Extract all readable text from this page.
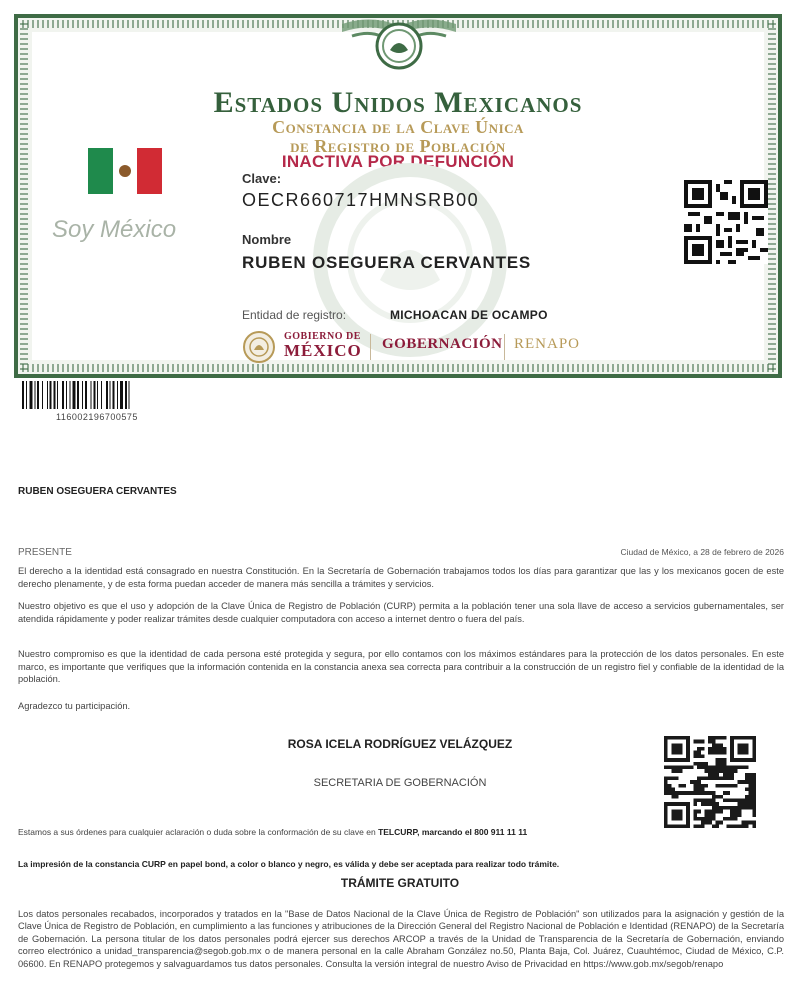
Estados Unidos Mexicanos
Constancia de la Clave Única
de Registro de Población
INACTIVA POR DEFUNCIÓN
Soy México
Clave:
OECR660717HMNSRB00
Nombre
RUBEN OSEGUERA CERVANTES
Entidad de registro:	MICHOACAN DE OCAMPO
GOBIERNO DE
MÉXICO GOBERNACIÓN RENAPO
116002196700575
RUBEN OSEGUERA CERVANTES
PRESENTE	Ciudad de México, a 28 de febrero de 2026
El derecho a la identidad está consagrado en nuestra Constitución. En la Secretaría de Gobernación trabajamos todos los días para garantizar que las y los mexicanos gocen de este derecho plenamente, y de esta forma puedan acceder de manera más sencilla a trámites y servicios.
Nuestro objetivo es que el uso y adopción de la Clave Única de Registro de Población (CURP) permita a la población tener una sola llave de acceso a servicios gubernamentales, ser atendida rápidamente y poder realizar trámites desde cualquier computadora con acceso a internet dentro o fuera del país.
Nuestro compromiso es que la identidad de cada persona esté protegida y segura, por ello contamos con los máximos estándares para la protección de los datos personales. En este marco, es importante que verifiques que la información contenida en la constancia anexa sea correcta para contribuir a la construcción de un registro fiel y confiable de la identidad de la población.
Agradezco tu participación.
ROSA ICELA RODRÍGUEZ VELÁZQUEZ
SECRETARIA DE GOBERNACIÓN
Estamos a sus órdenes para cualquier aclaración o duda sobre la conformación de su clave en TELCURP, marcando el 800 911 11 11
La impresión de la constancia CURP en papel bond, a color o blanco y negro, es válida y debe ser aceptada para realizar todo trámite.
TRÁMITE GRATUITO
Los datos personales recabados, incorporados y tratados en la "Base de Datos Nacional de la Clave Única de Registro de Población" son utilizados para la asignación y gestión de la Clave Única de Registro de Población, en cumplimiento a las funciones y atribuciones de la Dirección General del Registro Nacional de Población e Identidad (RENAPO) de la Secretaría de Gobernación. La persona titular de los datos personales podrá ejercer sus derechos ARCOP a través de la Unidad de Transparencia de la Secretaría de Gobernación, enviando correo electrónico a unidad_transparencia@segob.gob.mx o de manera personal en la calle Abraham González no.50, Planta Baja, Col. Juárez, Cuauhtémoc, Ciudad de México, C.P. 06600. En RENAPO protegemos y salvaguardamos tus datos personales. Consulta la versión integral de nuestro Aviso de Privacidad en https://www.gob.mx/segob/renapo
